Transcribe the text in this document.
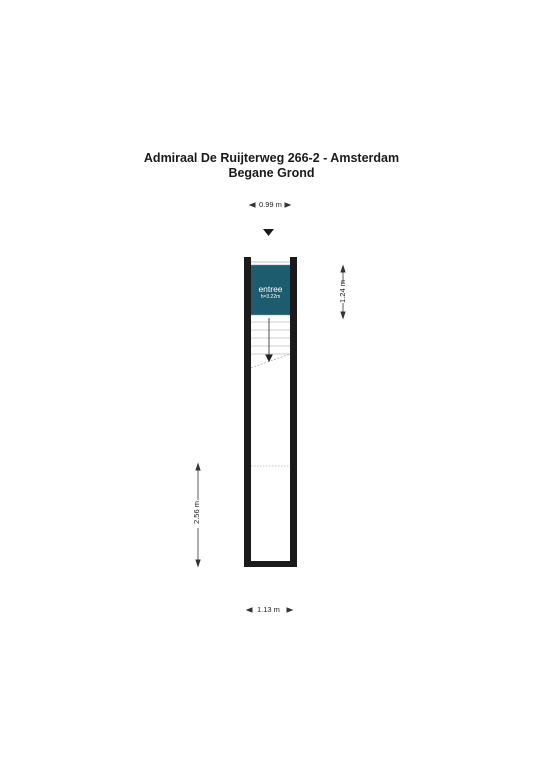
Admiraal De Ruijterweg 266-2 - Amsterdam
Begane Grond
0.99 m
1.13 m
1.24 m
2.56 m
entree
h=3.22m
